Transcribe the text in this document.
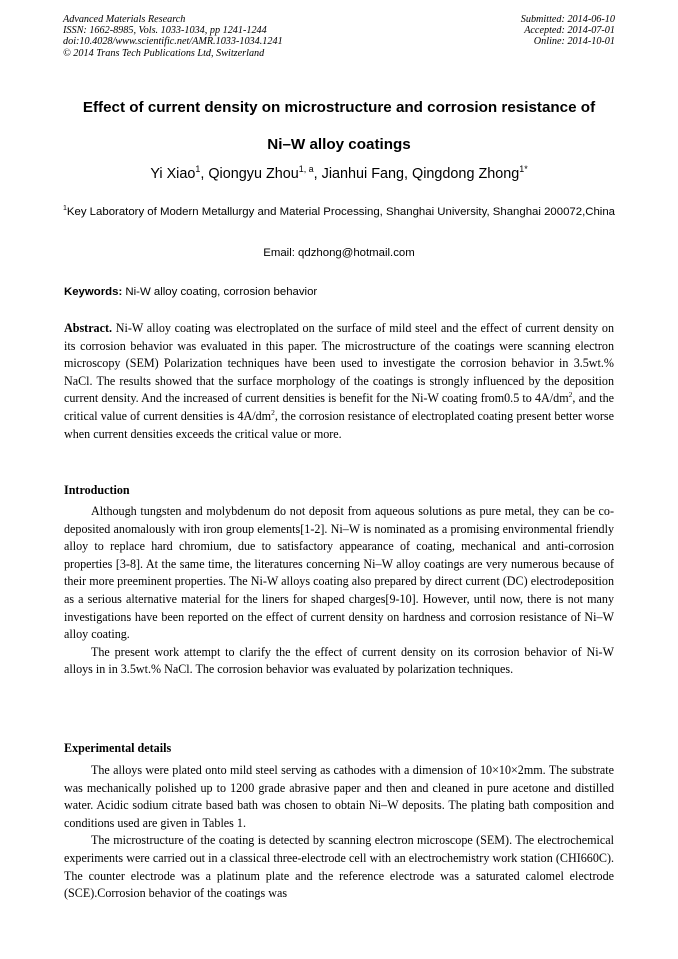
Advanced Materials Research
ISSN: 1662-8985, Vols. 1033-1034, pp 1241-1244
doi:10.4028/www.scientific.net/AMR.1033-1034.1241
© 2014 Trans Tech Publications Ltd, Switzerland
Submitted: 2014-06-10
Accepted: 2014-07-01
Online: 2014-10-01
Effect of current density on microstructure and corrosion resistance of
Ni–W alloy coatings
Yi Xiao$^1$, Qiongyu Zhou$^{1, a}$, Jianhui Fang, Qingdong Zhong$^{1*}$
$^1$Key Laboratory of Modern Metallurgy and Material Processing, Shanghai University, Shanghai 200072,China
Email: qdzhong@hotmail.com
Keywords: Ni-W alloy coating, corrosion behavior
Abstract. Ni-W alloy coating was electroplated on the surface of mild steel and the effect of current density on its corrosion behavior was evaluated in this paper. The microstructure of the coatings were scanning electron microscopy (SEM) Polarization techniques have been used to investigate the corrosion behavior in 3.5wt.% NaCl. The results showed that the surface morphology of the coatings is strongly influenced by the deposition current density. And the increased of current densities is benefit for the Ni-W coating from0.5 to $4A/dm^2$, and the critical value of current densities is $4A/dm^2$, the corrosion resistance of electroplated coating present better worse when current densities exceeds the critical value or more.
Introduction

Although tungsten and molybdenum do not deposit from aqueous solutions as pure metal, they can be co-deposited anomalously with iron group elements[1-2]. Ni–W is nominated as a promising environmental friendly alloy to replace hard chromium, due to satisfactory appearance of coating, mechanical and anti-corrosion properties [3-8]. At the same time, the literatures concerning Ni–W alloy coatings are very numerous because of their more preeminent properties. The Ni-W alloys coating also prepared by direct current (DC) electrodeposition as a serious alternative material for the liners for shaped charges[9-10]. However, until now, there is not many investigations have been reported on the effect of current density on hardness and corrosion resistance of Ni–W alloy coating.

The present work attempt to clarify the the effect of current density on its corrosion behavior of Ni-W alloys in in 3.5wt.% NaCl. The corrosion behavior was evaluated by polarization techniques.

Experimental details

The alloys were plated onto mild steel serving as cathodes with a dimension of 10×10×2mm. The substrate was mechanically polished up to 1200 grade abrasive paper and then and cleaned in pure acetone and distilled water. Acidic sodium citrate based bath was chosen to obtain Ni–W deposits. The plating bath composition and conditions used are given in Tables 1.

The microstructure of the coating is detected by scanning electron microscope (SEM). The electrochemical experiments were carried out in a classical three-electrode cell with an electrochemistry work station (CHI660C). The counter electrode was a platinum plate and the reference electrode was a saturated calomel electrode (SCE).Corrosion behavior of the coatings was
